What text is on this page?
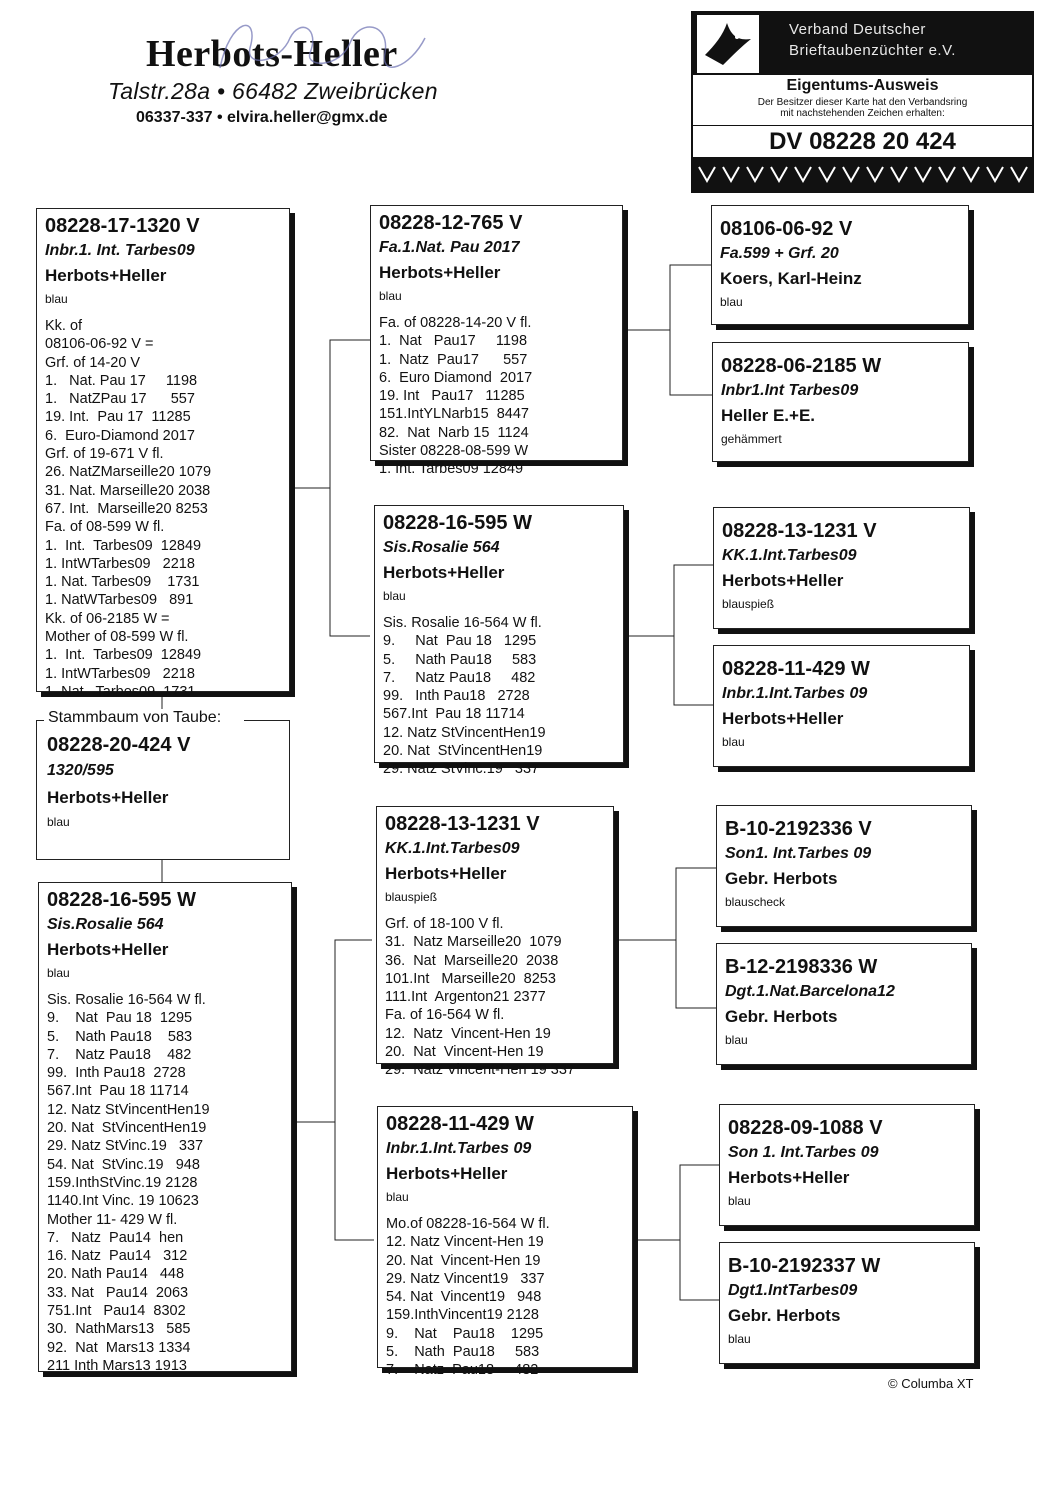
Herbots-Heller
Talstr.28a • 66482 Zweibrücken
06337-337 • elvira.heller@gmx.de
Verband Deutscher
Brieftaubenzüchter e.V.
Eigentums-Ausweis
Der Besitzer dieser Karte hat den Verbandsring
mit nachstehenden Zeichen erhalten:
DV 08228 20 424
08228-17-1320 V
Inbr.1. Int. Tarbes09
Herbots+Heller
blau
Kk. of
08106-06-92 V =
Grf. of 14-20 V
1.   Nat. Pau 17     1198
1.   NatZPau 17      557
19. Int.  Pau 17  11285
6.  Euro-Diamond 2017
Grf. of 19-671 V fl.
26. NatZMarseille20 1079
31. Nat. Marseille20 2038
67. Int.  Marseille20 8253
Fa. of 08-599 W fl.
1.  Int.  Tarbes09  12849
1. IntWTarbes09   2218
1. Nat. Tarbes09    1731
1. NatWTarbes09   891
Kk. of 06-2185 W =
Mother of 08-599 W fl.
1.  Int.  Tarbes09  12849
1. IntWTarbes09   2218
1  Nat   Tarbes09  1731
Stammbaum von Taube:
08228-20-424 V
1320/595
Herbots+Heller
blau
08228-16-595 W
Sis.Rosalie 564
Herbots+Heller
blau
Sis. Rosalie 16-564 W fl.
9.    Nat  Pau 18  1295
5.    Nath Pau18    583
7.    Natz Pau18    482
99.  Inth Pau18  2728
567.Int  Pau 18 11714
12. Natz StVincentHen19
20. Nat  StVincentHen19
29. Natz StVinc.19   337
54. Nat  StVinc.19   948
159.InthStVinc.19 2128
1140.Int Vinc. 19 10623
Mother 11- 429 W fl.
7.   Natz  Pau14  hen
16. Natz  Pau14   312
20. Nath Pau14   448
33. Nat   Pau14  2063
751.Int   Pau14  8302
30.  NathMars13   585
92.  Nat  Mars13 1334
211 Inth Mars13 1913
08228-12-765 V
Fa.1.Nat. Pau 2017
Herbots+Heller
blau
Fa. of 08228-14-20 V fl.
1.  Nat   Pau17     1198
1.  Natz  Pau17      557
6.  Euro Diamond  2017
19. Int   Pau17   11285
151.IntYLNarb15  8447
82.  Nat  Narb 15  1124
Sister 08228-08-599 W
1. Int. Tarbes09 12849
08228-16-595 W
Sis.Rosalie 564
Herbots+Heller
blau
Sis. Rosalie 16-564 W fl.
9.     Nat  Pau 18   1295
5.     Nath Pau18     583
7.     Natz Pau18     482
99.   Inth Pau18   2728
567.Int  Pau 18 11714
12. Natz StVincentHen19
20. Nat  StVincentHen19
29. Natz StVinc.19   337
08228-13-1231 V
KK.1.Int.Tarbes09
Herbots+Heller
blauspieß
Grf. of 18-100 V fl.
31.  Natz Marseille20  1079
36.  Nat  Marseille20  2038
101.Int   Marseille20  8253
111.Int  Argenton21 2377
Fa. of 16-564 W fl.
12.  Natz  Vincent-Hen 19
20.  Nat  Vincent-Hen 19
29.  Natz Vincent-Hen 19 337
08228-11-429 W
Inbr.1.Int.Tarbes 09
Herbots+Heller
blau
Mo.of 08228-16-564 W fl.
12. Natz Vincent-Hen 19
20. Nat  Vincent-Hen 19
29. Natz Vincent19   337
54. Nat  Vincent19   948
159.InthVincent19 2128
9.    Nat    Pau18    1295
5.    Nath  Pau18     583
7.    Natz  Pau18     482
08106-06-92 V
Fa.599 + Grf. 20
Koers, Karl-Heinz
blau
08228-06-2185 W
Inbr1.Int Tarbes09
Heller E.+E.
gehämmert
08228-13-1231 V
KK.1.Int.Tarbes09
Herbots+Heller
blauspieß
08228-11-429 W
Inbr.1.Int.Tarbes 09
Herbots+Heller
blau
B-10-2192336 V
Son1. Int.Tarbes 09
Gebr. Herbots
blauscheck
B-12-2198336 W
Dgt.1.Nat.Barcelona12
Gebr. Herbots
blau
08228-09-1088 V
Son 1. Int.Tarbes 09
Herbots+Heller
blau
B-10-2192337 W
Dgt1.IntTarbes09
Gebr. Herbots
blau
© Columba XT
